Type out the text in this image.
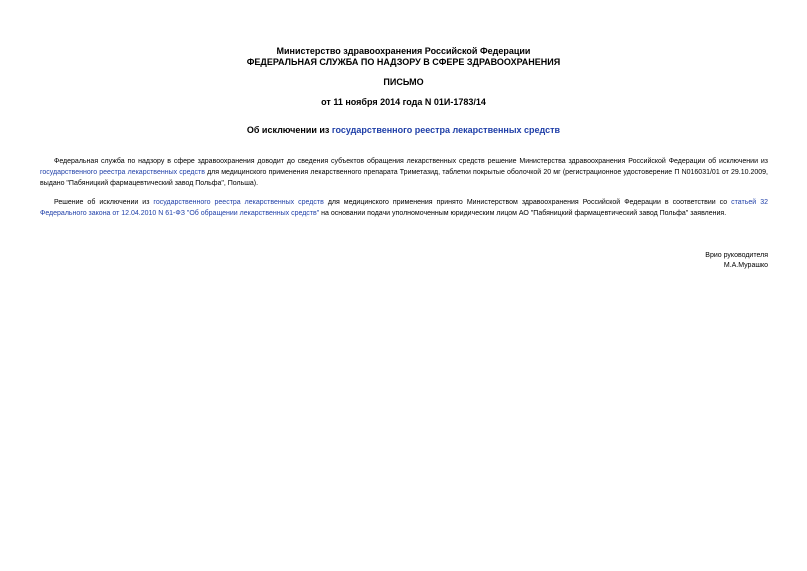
Министерство здравоохранения Российской Федерации
ФЕДЕРАЛЬНАЯ СЛУЖБА ПО НАДЗОРУ В СФЕРЕ ЗДРАВООХРАНЕНИЯ
ПИСЬМО
от 11 ноября 2014 года N 01И-1783/14
Об исключении из государственного реестра лекарственных средств
Федеральная служба по надзору в сфере здравоохранения доводит до сведения субъектов обращения лекарственных средств решение Министерства здравоохранения Российской Федерации об исключении из государственного реестра лекарственных средств для медицинского применения лекарственного препарата Триметазид, таблетки покрытые оболочкой 20 мг (регистрационное удостоверение П N016031/01 от 29.10.2009, выдано "Пабяницкий фармацевтический завод Польфа", Польша).
Решение об исключении из государственного реестра лекарственных средств для медицинского применения принято Министерством здравоохранения Российской Федерации в соответствии со статьей 32 Федерального закона от 12.04.2010 N 61-ФЗ "Об обращении лекарственных средств" на основании подачи уполномоченным юридическим лицом АО "Пабяницкий фармацевтический завод Польфа" заявления.
Врио руководителя
М.А.Мурашко
